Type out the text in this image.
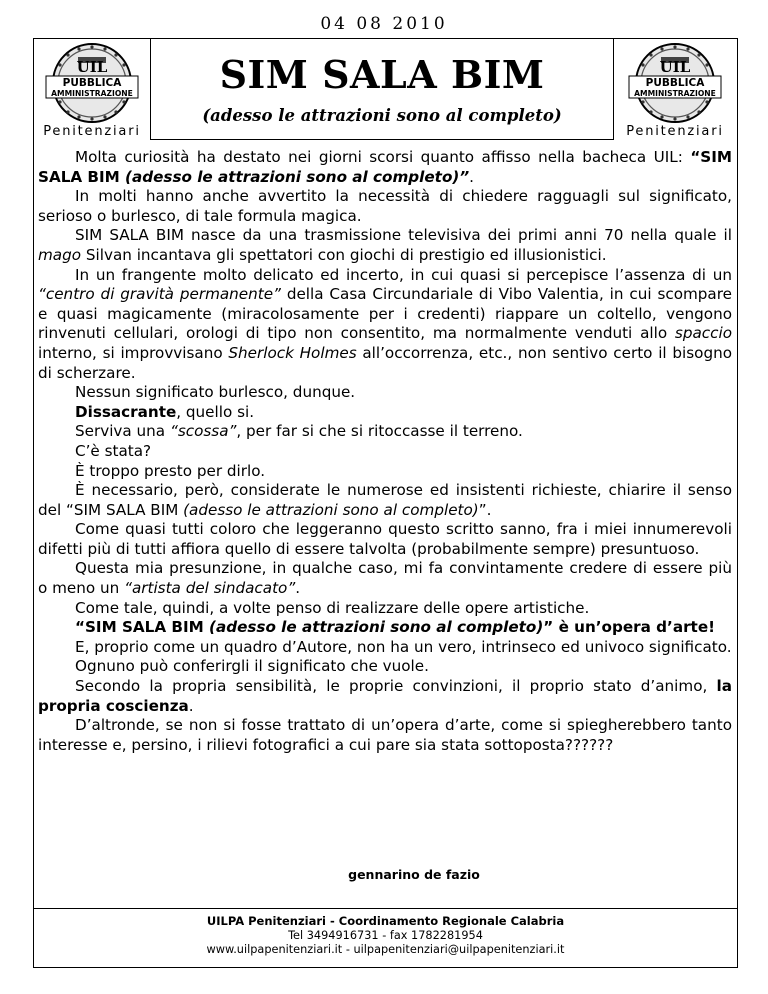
04 08 2010
UIL
PUBBLICA
AMMINISTRAZIONE
Penitenziari
SIM SALA BIM
(adesso le attrazioni sono al completo)
UIL
PUBBLICA
AMMINISTRAZIONE
Penitenziari

Molta curiosità ha destato nei giorni scorsi quanto affisso nella bacheca UIL: “SIM SALA BIM (adesso le attrazioni sono al completo)”.

In molti hanno anche avvertito la necessità di chiedere ragguagli sul significato, serioso o burlesco, di tale formula magica.

SIM SALA BIM nasce da una trasmissione televisiva dei primi anni 70 nella quale il mago Silvan incantava gli spettatori con giochi di prestigio ed illusionistici.

In un frangente molto delicato ed incerto, in cui quasi si percepisce l’assenza di un “centro di gravità permanente” della Casa Circundariale di Vibo Valentia, in cui scompare e quasi magicamente (miracolosamente per i credenti) riappare un coltello, vengono rinvenuti cellulari, orologi di tipo non consentito, ma normalmente venduti allo spaccio interno, si improvvisano Sherlock Holmes all’occorrenza, etc., non sentivo certo il bisogno di scherzare.

Nessun significato burlesco, dunque.

Dissacrante, quello si.

Serviva una “scossa”, per far si che si ritoccasse il terreno.

C’è stata?

È troppo presto per dirlo.

È necessario, però, considerate le numerose ed insistenti richieste, chiarire il senso del “SIM SALA BIM (adesso le attrazioni sono al completo)”.

Come quasi tutti coloro che leggeranno questo scritto sanno, fra i miei innumerevoli difetti più di tutti affiora quello di essere talvolta (probabilmente sempre) presuntuoso.

Questa mia presunzione, in qualche caso, mi fa convintamente credere di essere più o meno un “artista del sindacato”.

Come tale, quindi, a volte penso di realizzare delle opere artistiche.

“SIM SALA BIM (adesso le attrazioni sono al completo)” è un’opera d’arte!

E, proprio come un quadro d’Autore, non ha un vero, intrinseco ed univoco significato.

Ognuno può conferirgli il significato che vuole.

Secondo la propria sensibilità, le proprie convinzioni, il proprio stato d’animo, la propria coscienza.

D’altronde, se non si fosse trattato di un’opera d’arte, come si spiegherebbero tanto interesse e, persino, i rilievi fotografici a cui pare sia stata sottoposta??????

gennarino de fazio
UILPA Penitenziari - Coordinamento Regionale Calabria
Tel 3494916731 - fax 1782281954
www.uilpapenitenziari.it - uilpapenitenziari@uilpapenitenziari.it
